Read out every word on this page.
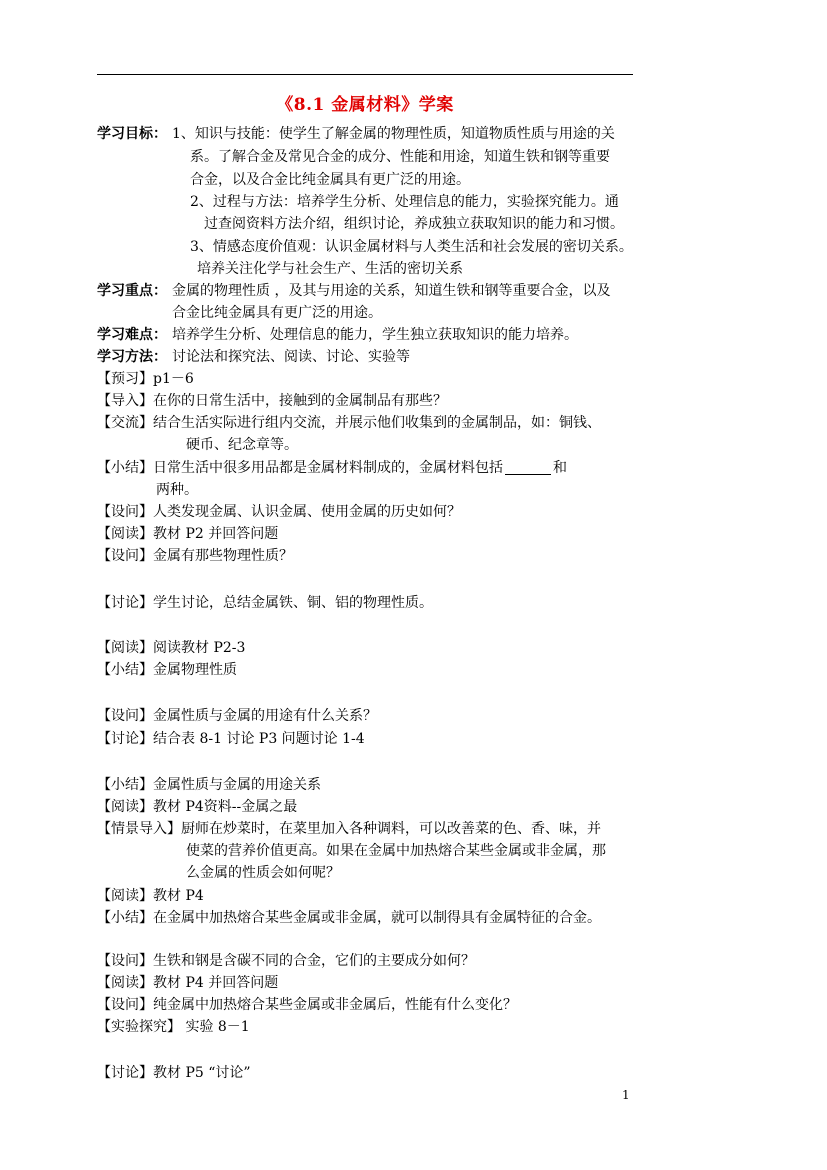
《8.1 金属材料》学案
学习目标： 1、知识与技能：使学生了解金属的物理性质，知道物质性质与用途的关
系。了解合金及常见合金的成分、性能和用途，知道生铁和钢等重要
合金，以及合金比纯金属具有更广泛的用途。
2、过程与方法：培养学生分析、处理信息的能力，实验探究能力。通
过查阅资料方法介绍，组织讨论，养成独立获取知识的能力和习惯。
3、情感态度价值观：认识金属材料与人类生活和社会发展的密切关系。
培养关注化学与社会生产、生活的密切关系
学习重点： 金属的物理性质 ，及其与用途的关系，知道生铁和钢等重要合金，以及
合金比纯金属具有更广泛的用途。
学习难点： 培养学生分析、处理信息的能力，学生独立获取知识的能力培养。
学习方法： 讨论法和探究法、阅读、讨论、实验等
【预习】p1－6
【导入】在你的日常生活中，接触到的金属制品有那些？
【交流】结合生活实际进行组内交流，并展示他们收集到的金属制品，如：铜钱、
硬币、纪念章等。
【小结】日常生活中很多用品都是金属材料制成的，金属材料包括	和
两种。
【设问】人类发现金属、认识金属、使用金属的历史如何？
【阅读】教材 P2 并回答问题
【设问】金属有那些物理性质？
【讨论】学生讨论，总结金属铁、铜、铝的物理性质。
【阅读】阅读教材 P2-3
【小结】金属物理性质
【设问】金属性质与金属的用途有什么关系？
【讨论】结合表 8-1 讨论 P3 问题讨论 1-4
【小结】金属性质与金属的用途关系
【阅读】教材 P4资料--金属之最
【情景导入】厨师在炒菜时，在菜里加入各种调料，可以改善菜的色、香、味，并
使菜的营养价值更高。如果在金属中加热熔合某些金属或非金属，那
么金属的性质会如何呢？
【阅读】教材 P4
【小结】在金属中加热熔合某些金属或非金属，就可以制得具有金属特征的合金。
【设问】生铁和钢是含碳不同的合金，它们的主要成分如何？
【阅读】教材 P4 并回答问题
【设问】纯金属中加热熔合某些金属或非金属后，性能有什么变化？
【实验探究】 实验 8－1
【讨论】教材 P5 “讨论”
1
